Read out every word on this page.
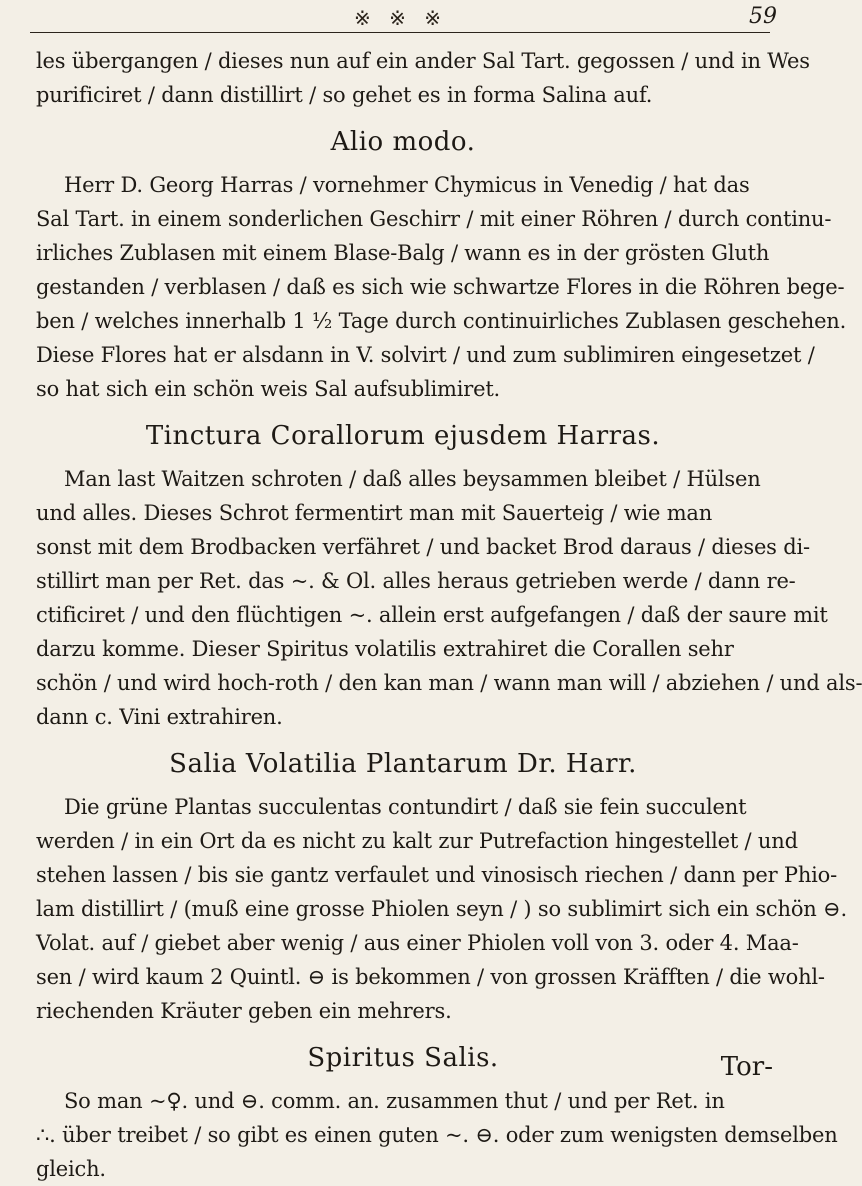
※ ※ ※	59
les übergangen / dieses nun auf ein ander Sal Tart. gegossen / und in Wes
purificiret / dann distillirt / so gehet es in forma Salina auf.
Alio modo.
Herr D. Georg Harras / vornehmer Chymicus in Venedig / hat das
Sal Tart. in einem sonderlichen Geschirr / mit einer Röhren / durch continu-
irliches Zublasen mit einem Blase-Balg / wann es in der grösten Gluth
gestanden / verblasen / daß es sich wie schwartze Flores in die Röhren bege-
ben / welches innerhalb 1 ½ Tage durch continuirliches Zublasen geschehen.
Diese Flores hat er alsdann in V. solvirt / und zum sublimiren eingesetzet /
so hat sich ein schön weis Sal aufsublimiret.
Tinctura Corallorum ejusdem Harras.
Man last Waitzen schroten / daß alles beysammen bleibet / Hülsen
und alles. Dieses Schrot fermentirt man mit Sauerteig / wie man
sonst mit dem Brodbacken verfähret / und backet Brod daraus / dieses di-
stillirt man per Ret. das ~. & Ol. alles heraus getrieben werde / dann re-
ctificiret / und den flüchtigen ~. allein erst aufgefangen / daß der saure mit
darzu komme. Dieser Spiritus volatilis extrahiret die Corallen sehr
schön / und wird hoch-roth / den kan man / wann man will / abziehen / und als-
dann c. Vini extrahiren.
Salia Volatilia Plantarum Dr. Harr.
Die grüne Plantas succulentas contundirt / daß sie fein succulent
werden / in ein Ort da es nicht zu kalt zur Putrefaction hingestellet / und
stehen lassen / bis sie gantz verfaulet und vinosisch riechen / dann per Phio-
lam distillirt / (muß eine grosse Phiolen seyn / ) so sublimirt sich ein schön ⊖.
Volat. auf / giebet aber wenig / aus einer Phiolen voll von 3. oder 4. Maa-
sen / wird kaum 2 Quintl. ⊖ is bekommen / von grossen Kräfften / die wohl-
riechenden Kräuter geben ein mehrers.
Spiritus Salis.
So man ~♀. und ⊖. comm. an. zusammen thut / und per Ret. in
∴. über treibet / so gibt es einen guten ~. ⊖. oder zum wenigsten demselben
gleich.
Tor-
